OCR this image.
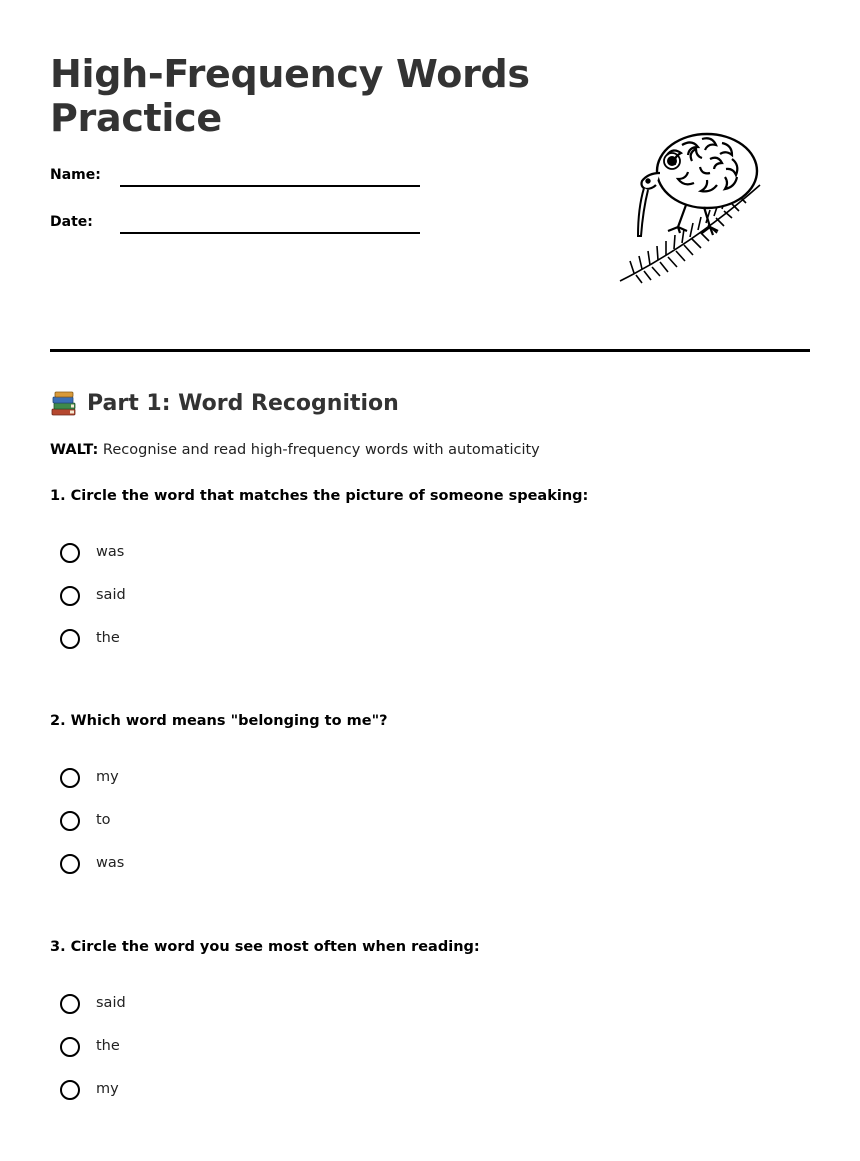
High-Frequency Words
Practice
Name:
Date:
Part 1: Word Recognition
WALT: Recognise and read high-frequency words with automaticity

1. Circle the word that matches the picture of someone speaking:

was
said
the

2. Which word means "belonging to me"?

my
to
was

3. Circle the word you see most often when reading:

said
the
my
